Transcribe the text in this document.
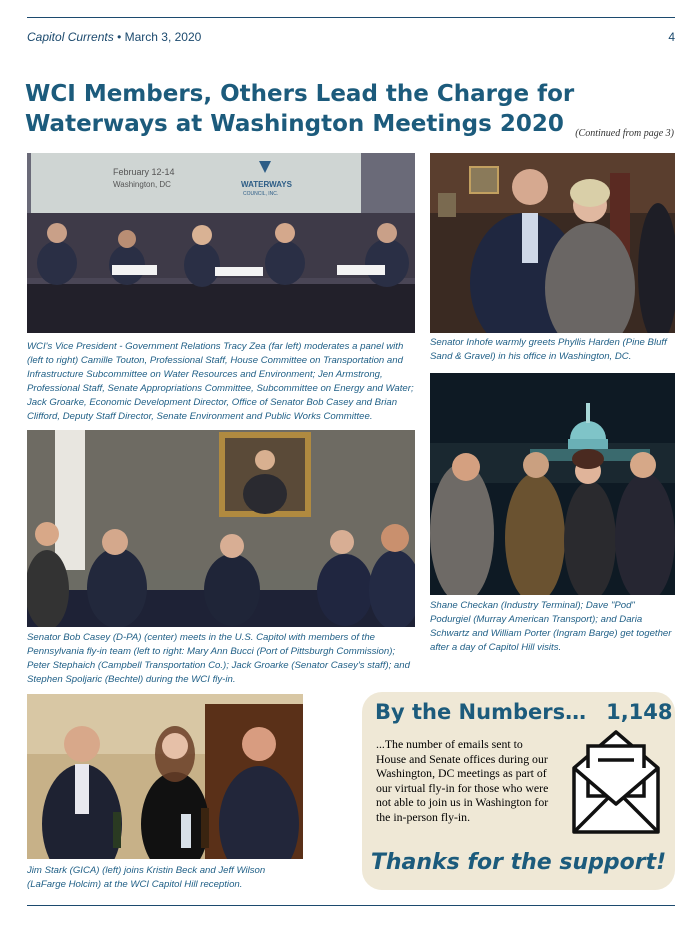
Capitol Currents • March 3, 2020	4
WCI Members, Others Lead the Charge for Waterways at Washington Meetings 2020	(Continued from page 3)
February 12-14
Washington, DC	WATERWAYS
COUNCIL, INC.

WCI's Vice President - Government Relations Tracy Zea (far left) moderates a panel with (left to right) Camille Touton, Professional Staff, House Committee on Transportation and Infrastructure Subcommittee on Water Resources and Environment; Jen Armstrong, Professional Staff, Senate Appropriations Committee, Subcommittee on Energy and Water; Jack Groarke, Economic Development Director, Office of Senator Bob Casey and Brian Clifford, Deputy Staff Director, Senate Environment and Public Works Committee.

Senator Inhofe warmly greets Phyllis Harden (Pine Bluff Sand & Gravel) in his office in Washington, DC.

Senator Bob Casey (D-PA) (center) meets in the U.S. Capitol with members of the Pennsylvania fly-in team (left to right: Mary Ann Bucci (Port of Pittsburgh Commission); Peter Stephaich (Campbell Transportation Co.); Jack Groarke (Senator Casey's staff); and Stephen Spoljaric (Bechtel) during the WCI fly-in.

Shane Checkan (Industry Terminal); Dave "Pod" Podurgiel (Murray American Transport); and Daria Schwartz and William Porter (Ingram Barge) get together after a day of Capitol Hill visits.

Jim Stark (GICA) (left) joins Kristin Beck and Jeff Wilson (LaFarge Holcim) at the WCI Capitol Hill reception.

By the Numbers… 1,148

...The number of emails sent to House and Senate offices during our Washington, DC meetings as part of our virtual fly-in for those who were not able to join us in Washington for the in-person fly-in.

Thanks for the support!
